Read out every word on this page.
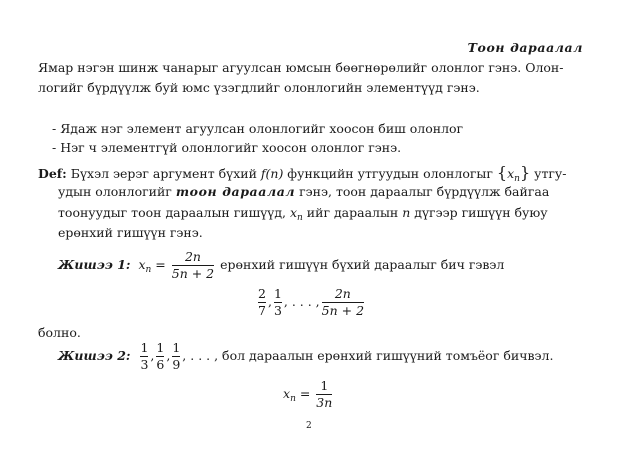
Тоон дараалал
Ямар нэгэн шинж чанарыг агуулсан юмсын бөөгнөрөлийг олонлог гэнэ. Олон-
логийг бүрдүүлж буй юмс үзэгдлийг олонлогийн элементүүд гэнэ.
- Ядаж нэг элемент агуулсан олонлогийг хоосон биш олонлог
- Нэг ч элементгүй олонлогийг хоосон олонлог гэнэ.
Def: Бүхэл эерэг аргумент бүхий f(n) функцийн утгуудын олонлогыг $\{x_n\}$ утгу-
удын олонлогийг тоон дараалал гэнэ, тоон дараалыг бүрдүүлж байгаа
тоонуудыг тоон дараалын гишүүд, $x_n$ ийг дараалын n дүгээр гишүүн буюу
ерөнхий гишүүн гэнэ.
Жишээ 1: $x_n = \frac{2n}{5n + 2}$ ерөнхий гишүүн бүхий дараалыг бич гэвэл
$\frac{2}{7}$ , $\frac{1}{3}$ , . . . , $\frac{2n}{5n + 2}$
болно.
Жишээ 2: $\frac{1}{3}$ , $\frac{1}{6}$ , $\frac{1}{9}$ , . . . , бол дараалын ерөнхий гишүүний томъёог бичвэл.
$x_n = \frac{1}{3n}$
2
